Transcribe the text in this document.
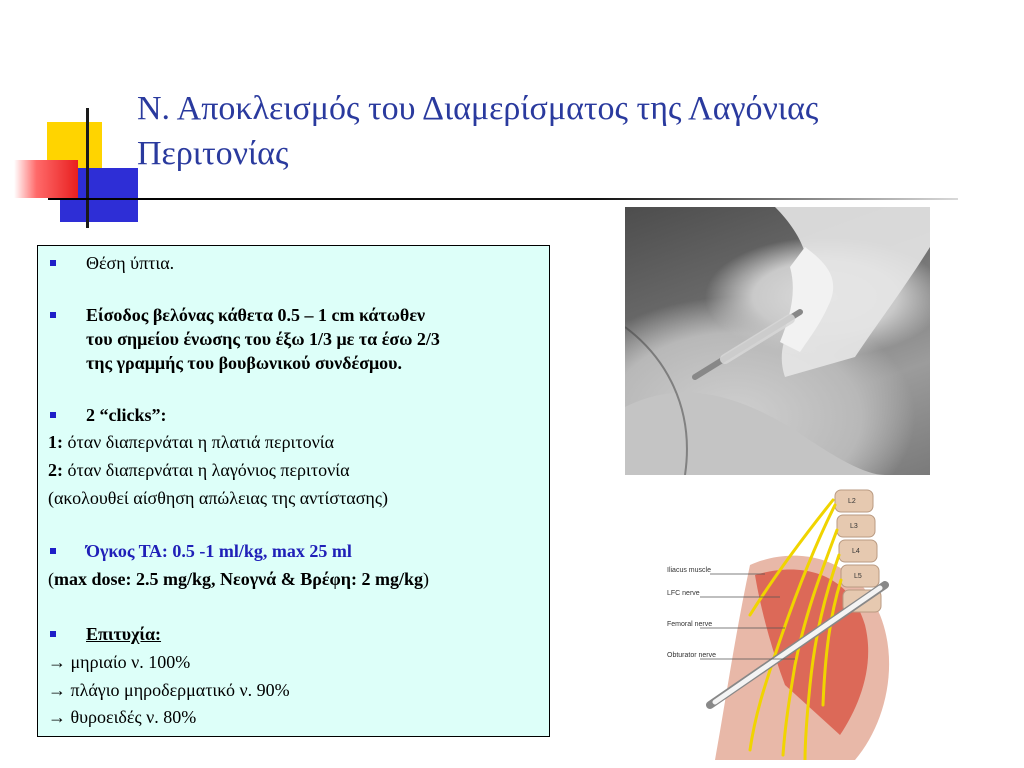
Ν. Αποκλεισμός του Διαμερίσματος της Λαγόνιας
Περιτονίας
Θέση ύπτια.
Είσοδος βελόνας κάθετα 0.5 – 1 cm κάτωθεν
του σημείου ένωσης του έξω 1/3 με τα έσω 2/3
της γραμμής του βουβωνικού συνδέσμου.
2 “clicks”:
1: όταν διαπερνάται η πλατιά περιτονία
2: όταν διαπερνάται η λαγόνιος περιτονία
(ακολουθεί αίσθηση απώλειας της αντίστασης)
Όγκος ΤΑ: 0.5 -1 ml/kg, max 25 ml
(max dose: 2.5 mg/kg, Νεογνά & Βρέφη: 2 mg/kg)
Επιτυχία:
→ μηριαίο ν. 100%
→ πλάγιο μηροδερματικό ν. 90%
→ θυροειδές ν. 80%
L2
L3
L4
L5
Iliacus muscle
LFC nerve
Femoral nerve
Obturator nerve
